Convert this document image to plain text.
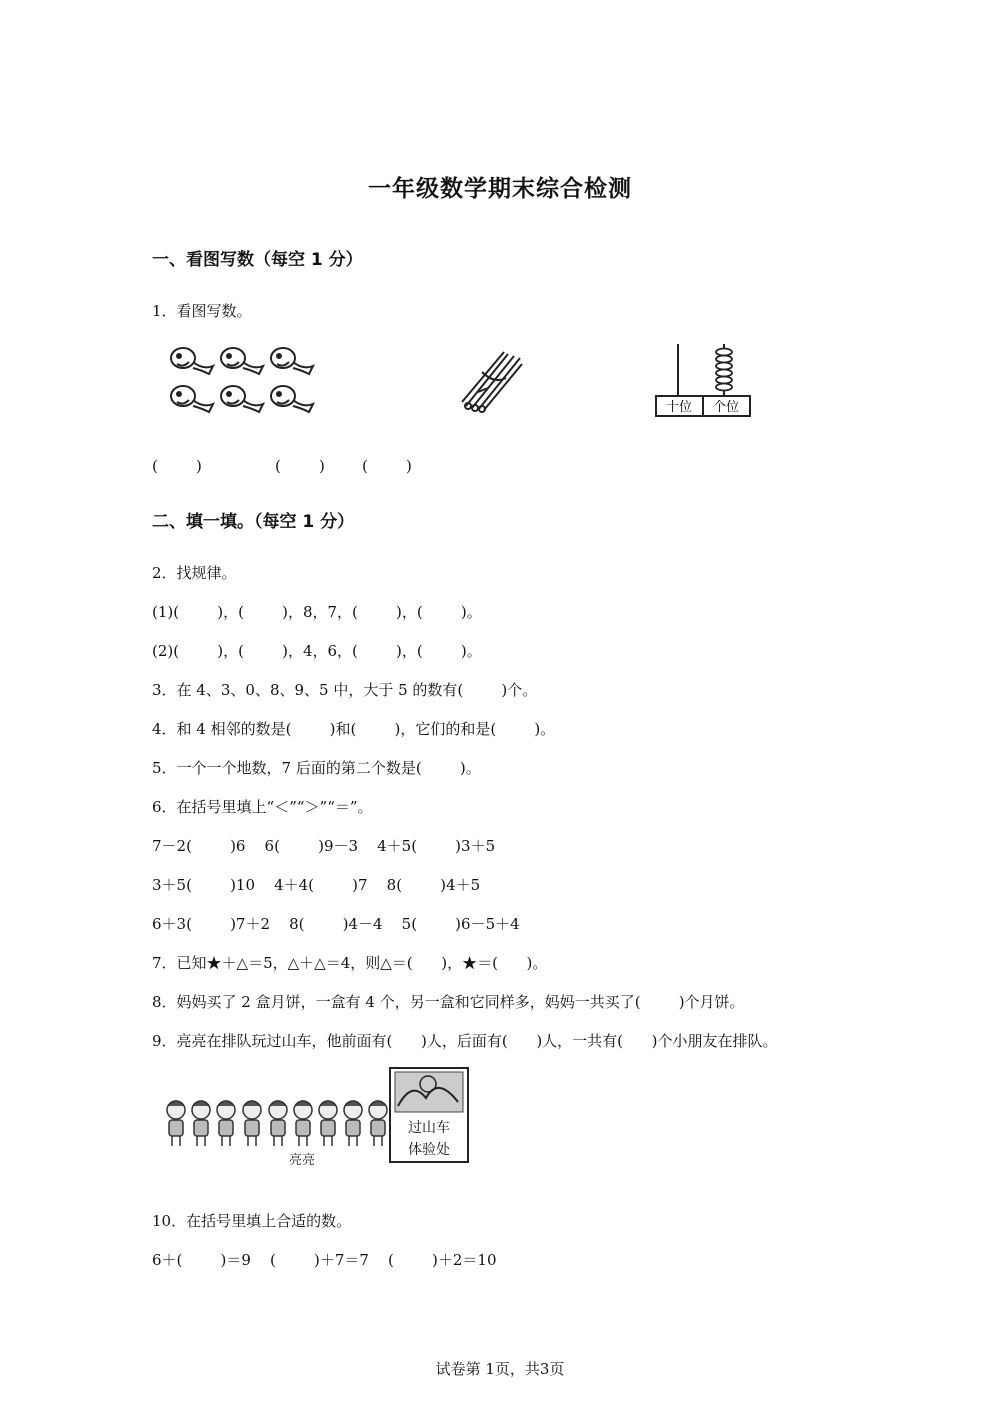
一年级数学期末综合检测
一、看图写数（每空 1 分）
1．看图写数。
十位 个位
(        )	(        ) (        )
二、填一填。（每空 1 分）
2．找规律。
(1)(        )，(        )，8，7，(        )，(        )。
(2)(        )，(        )，4，6，(        )，(        )。
3．在 4、3、0、8、9、5 中，大于 5 的数有(        )个。
4．和 4 相邻的数是(        )和(        )，它们的和是(        )。
5．一个一个地数，7 后面的第二个数是(        )。
6．在括号里填上“＜”“＞”“＝”。
7－2(        )6    6(        )9－3    4＋5(        )3＋5
3＋5(        )10    4＋4(        )7    8(        )4＋5
6＋3(        )7＋2    8(        )4－4    5(        )6－5＋4
7．已知★＋△＝5，△＋△＝4，则△＝(      )，★＝(      )。
8．妈妈买了 2 盒月饼，一盒有 4 个，另一盒和它同样多，妈妈一共买了(        )个月饼。
9．亮亮在排队玩过山车，他前面有(      )人，后面有(      )人，一共有(      )个小朋友在排队。
亮亮
过山车
体验处
10．在括号里填上合适的数。
6＋(        )＝9    (        )＋7＝7    (        )＋2＝10
试卷第 1页，共3页
